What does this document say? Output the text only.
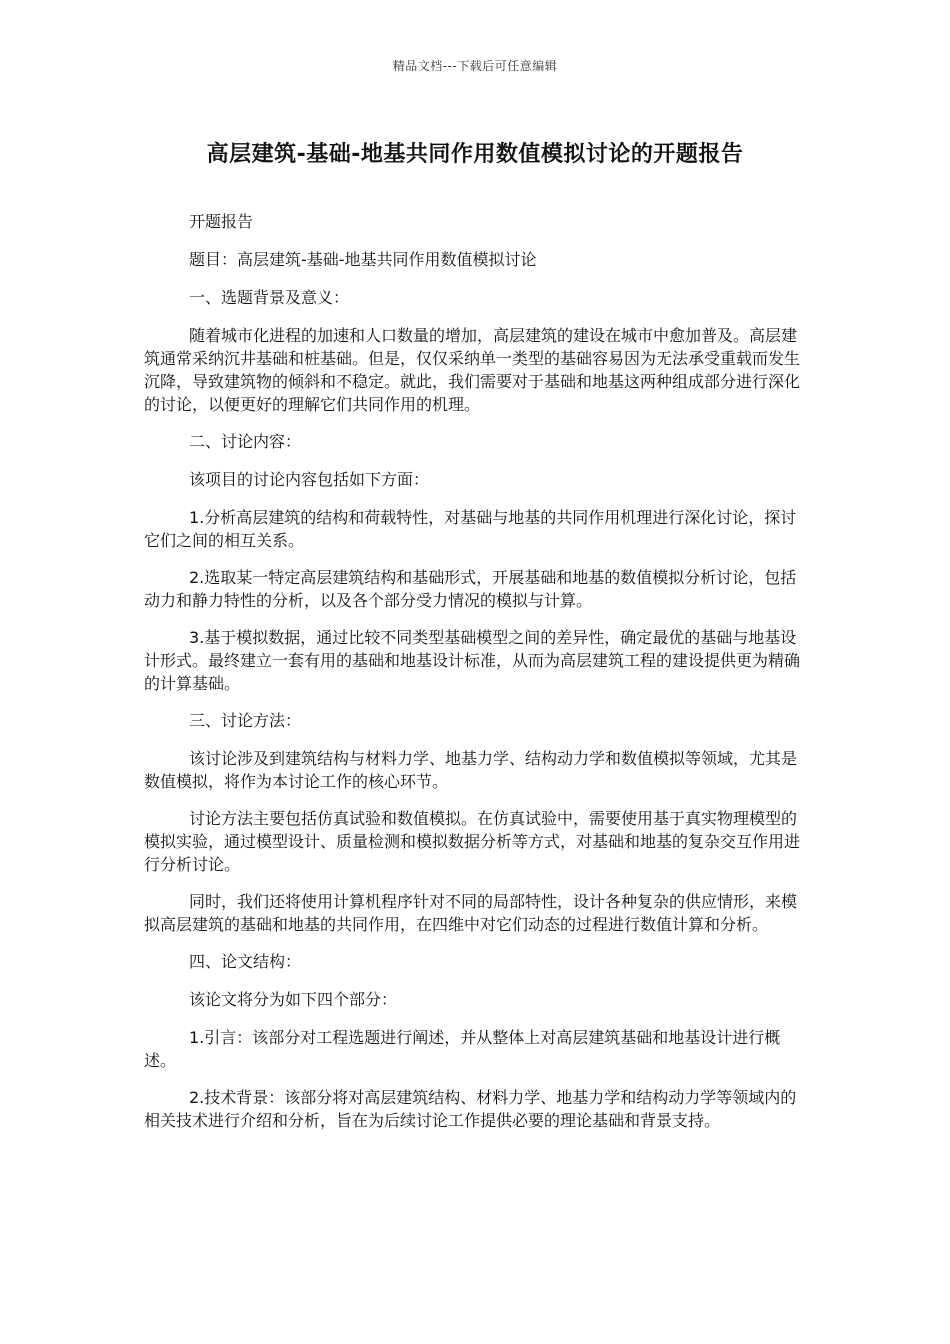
精品文档---下载后可任意编辑
高层建筑-基础-地基共同作用数值模拟讨论的开题报告

开题报告

题目：高层建筑-基础-地基共同作用数值模拟讨论

一、选题背景及意义：

随着城市化进程的加速和人口数量的增加，高层建筑的建设在城市中愈加普及。高层建筑通常采纳沉井基础和桩基础。但是，仅仅采纳单一类型的基础容易因为无法承受重载而发生沉降，导致建筑物的倾斜和不稳定。就此，我们需要对于基础和地基这两种组成部分进行深化的讨论，以便更好的理解它们共同作用的机理。

二、讨论内容：

该项目的讨论内容包括如下方面：

1.分析高层建筑的结构和荷载特性，对基础与地基的共同作用机理进行深化讨论，探讨它们之间的相互关系。

2.选取某一特定高层建筑结构和基础形式，开展基础和地基的数值模拟分析讨论，包括动力和静力特性的分析，以及各个部分受力情况的模拟与计算。

3.基于模拟数据，通过比较不同类型基础模型之间的差异性，确定最优的基础与地基设计形式。最终建立一套有用的基础和地基设计标准，从而为高层建筑工程的建设提供更为精确的计算基础。

三、讨论方法：

该讨论涉及到建筑结构与材料力学、地基力学、结构动力学和数值模拟等领域，尤其是数值模拟，将作为本讨论工作的核心环节。

讨论方法主要包括仿真试验和数值模拟。在仿真试验中，需要使用基于真实物理模型的模拟实验，通过模型设计、质量检测和模拟数据分析等方式，对基础和地基的复杂交互作用进行分析讨论。

同时，我们还将使用计算机程序针对不同的局部特性，设计各种复杂的供应情形，来模拟高层建筑的基础和地基的共同作用，在四维中对它们动态的过程进行数值计算和分析。

四、论文结构：

该论文将分为如下四个部分：

1.引言：该部分对工程选题进行阐述，并从整体上对高层建筑基础和地基设计进行概述。

2.技术背景：该部分将对高层建筑结构、材料力学、地基力学和结构动力学等领域内的相关技术进行介绍和分析，旨在为后续讨论工作提供必要的理论基础和背景支持。
